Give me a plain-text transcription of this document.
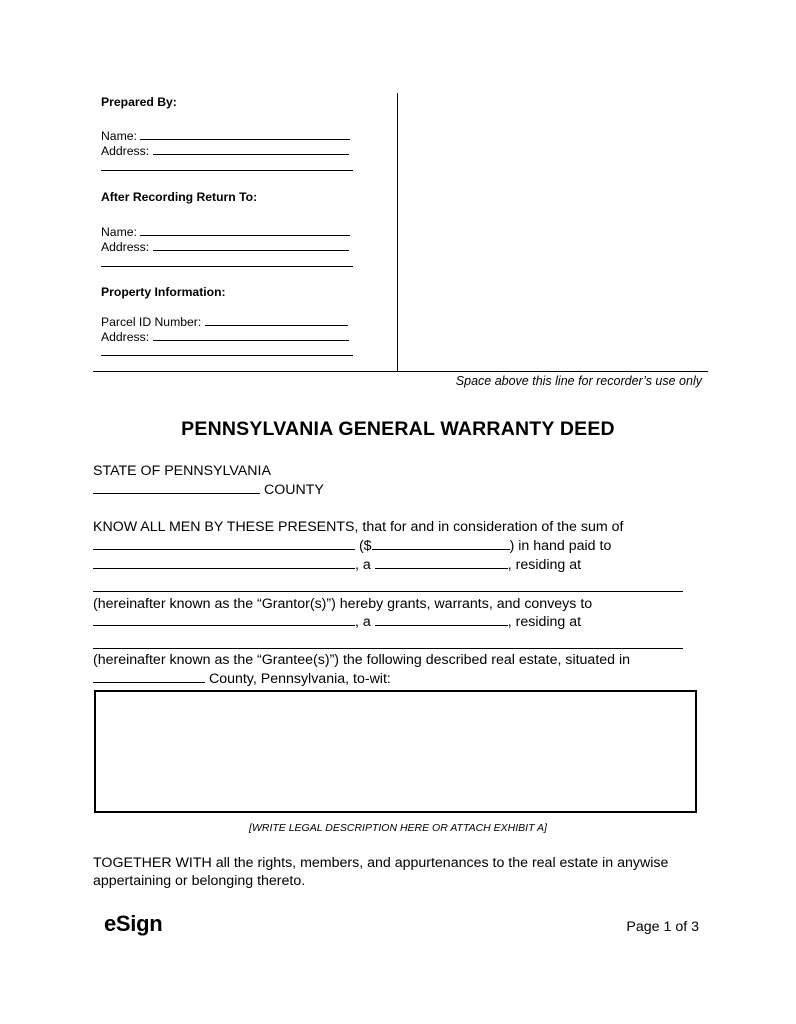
Prepared By:
Name:
Address:
After Recording Return To:
Name:
Address:
Property Information:
Parcel ID Number:
Address:
Space above this line for recorder’s use only
PENNSYLVANIA GENERAL WARRANTY DEED
STATE OF PENNSYLVANIA
COUNTY
KNOW ALL MEN BY THESE PRESENTS, that for and in consideration of the sum of
($	) in hand paid to
, a	, residing at
(hereinafter known as the “Grantor(s)”) hereby grants, warrants, and conveys to
, a	, residing at
(hereinafter known as the “Grantee(s)”) the following described real estate, situated in
County, Pennsylvania, to-wit:
[WRITE LEGAL DESCRIPTION HERE OR ATTACH EXHIBIT A]
TOGETHER WITH all the rights, members, and appurtenances to the real estate in anywise
appertaining or belonging thereto.
eSign	Page 1 of 3
